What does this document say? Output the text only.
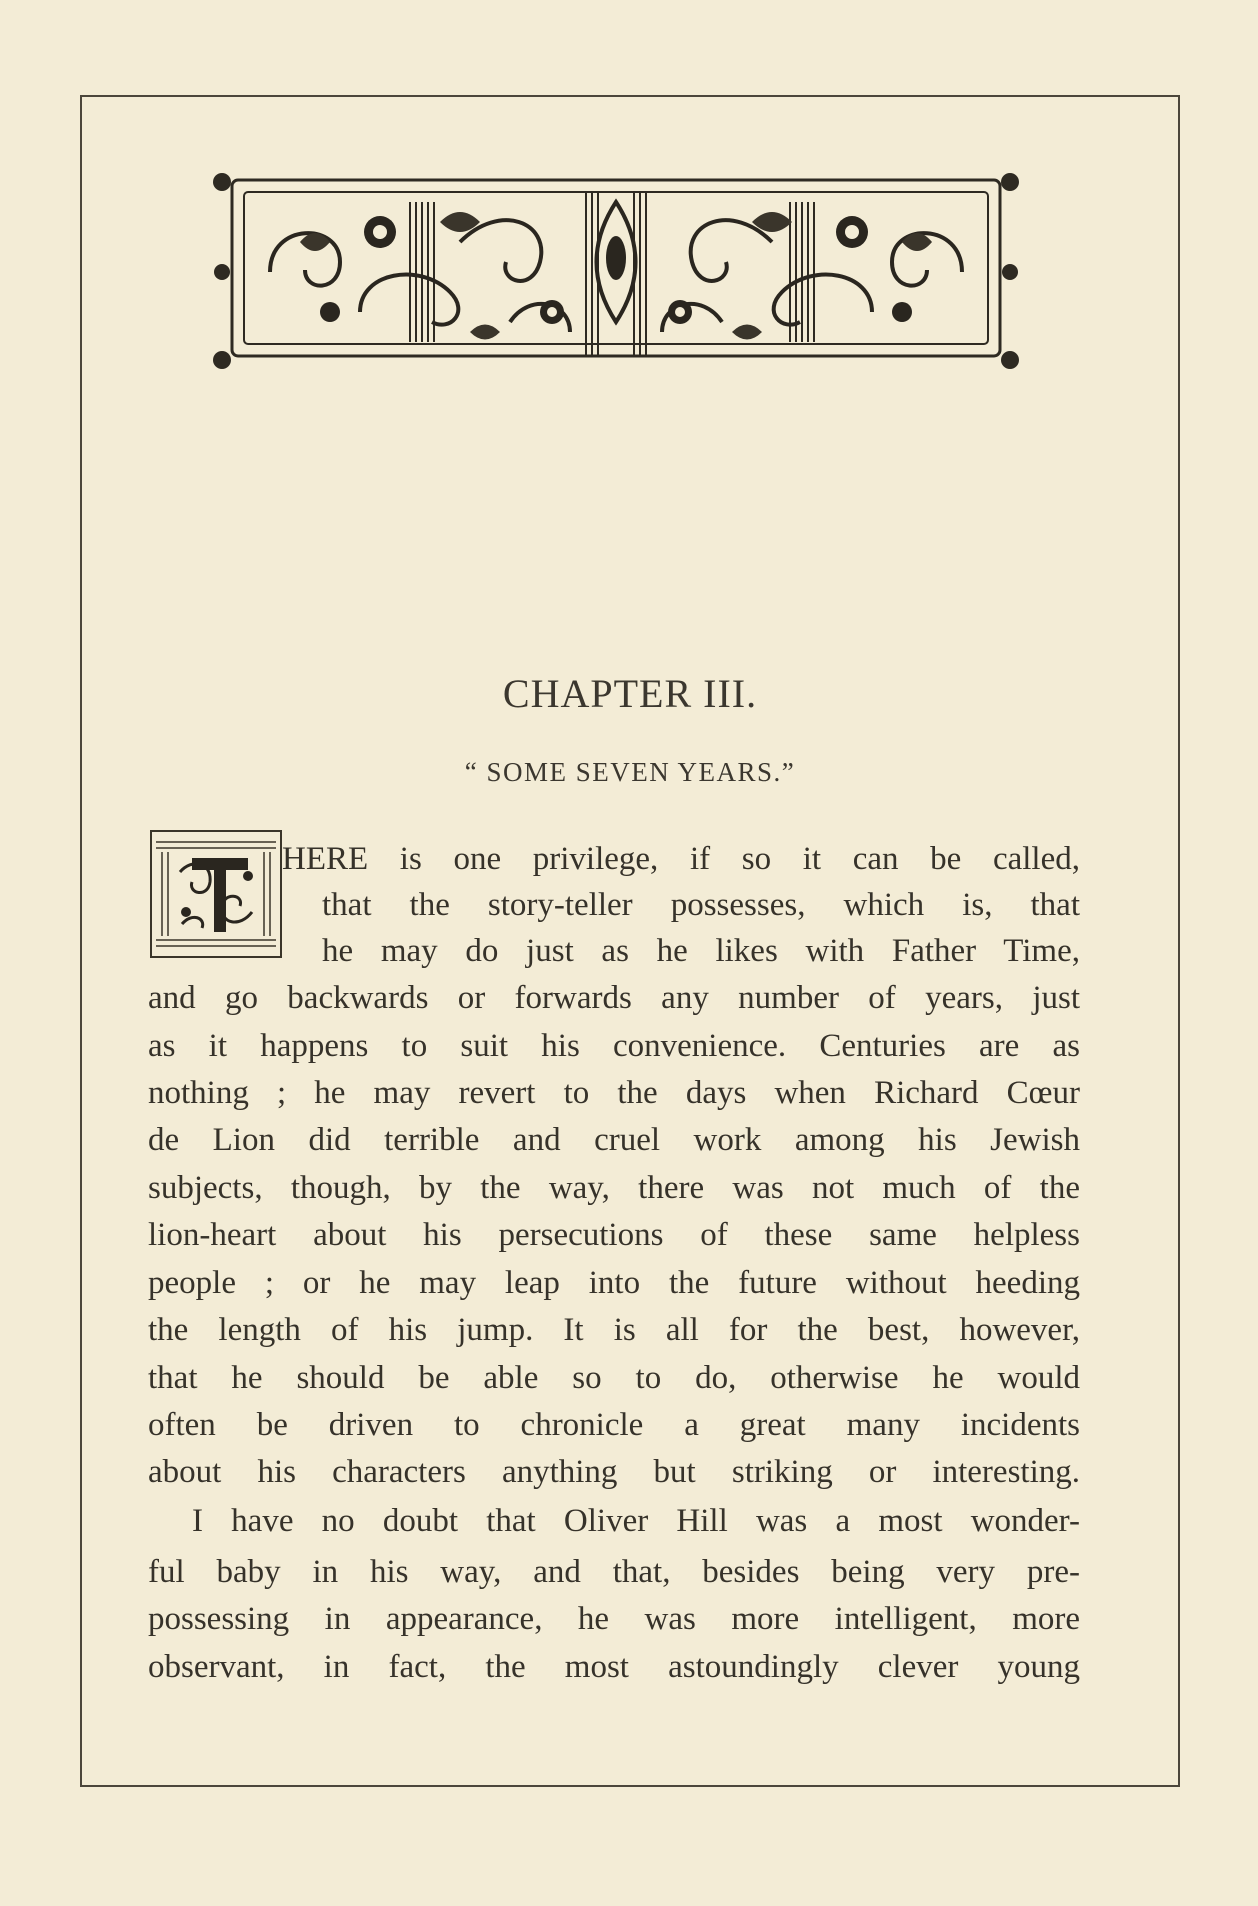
CHAPTER III.
“ SOME SEVEN YEARS.”
T HERE is one privilege, if so it can be called,
that the story-teller possesses, which is, that
he may do just as he likes with Father Time,
and go backwards or forwards any number of years, just
as it happens to suit his convenience. Centuries are as
nothing ; he may revert to the days when Richard Cœur
de Lion did terrible and cruel work among his Jewish
subjects, though, by the way, there was not much of the
lion-heart about his persecutions of these same helpless
people ; or he may leap into the future without heeding
the length of his jump. It is all for the best, however,
that he should be able so to do, otherwise he would
often be driven to chronicle a great many incidents
about his characters anything but striking or interesting.
I have no doubt that Oliver Hill was a most wonder-
ful baby in his way, and that, besides being very pre-
possessing in appearance, he was more intelligent, more
observant, in fact, the most astoundingly clever young
